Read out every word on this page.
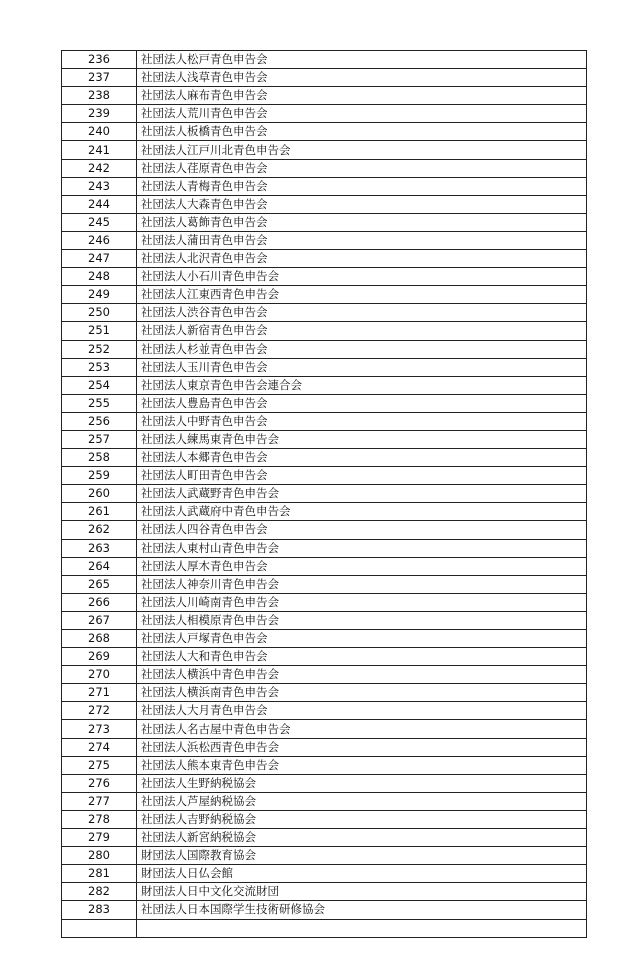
236	社団法人松戸青色申告会
237	社団法人浅草青色申告会
238	社団法人麻布青色申告会
239	社団法人荒川青色申告会
240	社団法人板橋青色申告会
241	社団法人江戸川北青色申告会
242	社団法人荏原青色申告会
243	社団法人青梅青色申告会
244	社団法人大森青色申告会
245	社団法人葛飾青色申告会
246	社団法人蒲田青色申告会
247	社団法人北沢青色申告会
248	社団法人小石川青色申告会
249	社団法人江東西青色申告会
250	社団法人渋谷青色申告会
251	社団法人新宿青色申告会
252	社団法人杉並青色申告会
253	社団法人玉川青色申告会
254	社団法人東京青色申告会連合会
255	社団法人豊島青色申告会
256	社団法人中野青色申告会
257	社団法人練馬東青色申告会
258	社団法人本郷青色申告会
259	社団法人町田青色申告会
260	社団法人武蔵野青色申告会
261	社団法人武蔵府中青色申告会
262	社団法人四谷青色申告会
263	社団法人東村山青色申告会
264	社団法人厚木青色申告会
265	社団法人神奈川青色申告会
266	社団法人川崎南青色申告会
267	社団法人相模原青色申告会
268	社団法人戸塚青色申告会
269	社団法人大和青色申告会
270	社団法人横浜中青色申告会
271	社団法人横浜南青色申告会
272	社団法人大月青色申告会
273	社団法人名古屋中青色申告会
274	社団法人浜松西青色申告会
275	社団法人熊本東青色申告会
276	社団法人生野納税協会
277	社団法人芦屋納税協会
278	社団法人吉野納税協会
279	社団法人新宮納税協会
280	財団法人国際教育協会
281	財団法人日仏会館
282	財団法人日中文化交流財団
283	社団法人日本国際学生技術研修協会
